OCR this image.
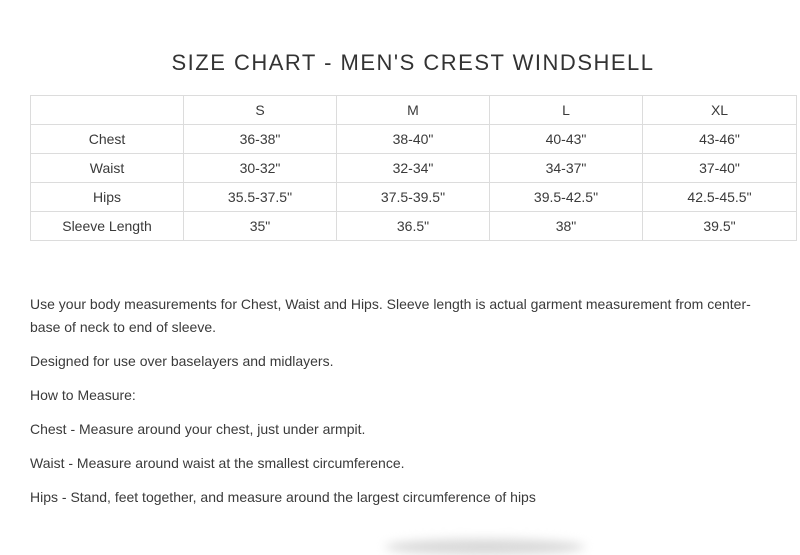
SIZE CHART - MEN'S CREST WINDSHELL
	S	M	L	XL
Chest	36-38"	38-40"	40-43"	43-46"
Waist	30-32"	32-34"	34-37"	37-40"
Hips	35.5-37.5"	37.5-39.5"	39.5-42.5"	42.5-45.5"
Sleeve Length	35"	36.5"	38"	39.5"

Use your body measurements for Chest, Waist and Hips. Sleeve length is actual garment measurement from center-base of neck to end of sleeve.

Designed for use over baselayers and midlayers.

How to Measure:

Chest - Measure around your chest, just under armpit.

Waist - Measure around waist at the smallest circumference.

Hips - Stand, feet together, and measure around the largest circumference of hips
